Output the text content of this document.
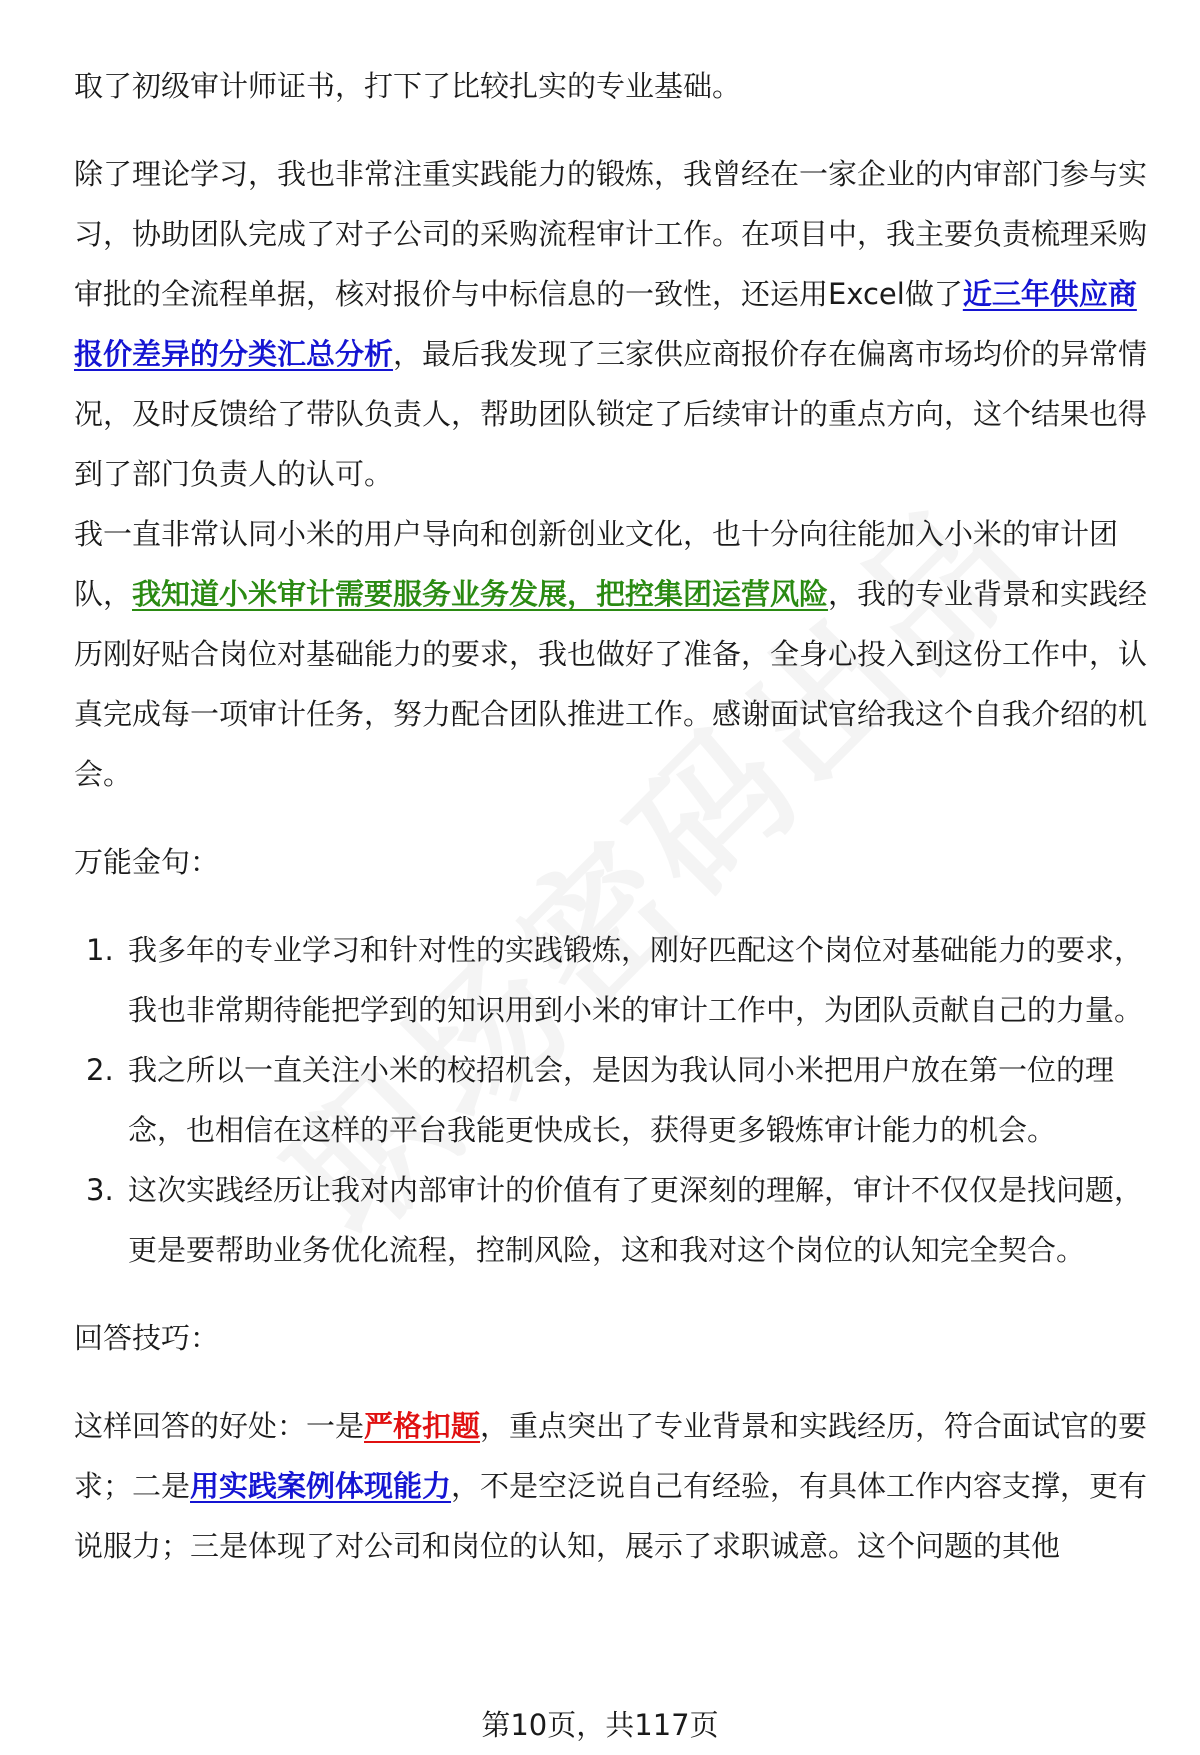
取了初级审计师证书，打下了比较扎实的专业基础。

除了理论学习，我也非常注重实践能力的锻炼，我曾经在一家企业的内审部门参与实习，协助团队完成了对子公司的采购流程审计工作。在项目中，我主要负责梳理采购审批的全流程单据，核对报价与中标信息的一致性，还运用Excel做了近三年供应商报价差异的分类汇总分析，最后我发现了三家供应商报价存在偏离市场均价的异常情况，及时反馈给了带队负责人，帮助团队锁定了后续审计的重点方向，这个结果也得到了部门负责人的认可。

我一直非常认同小米的用户导向和创新创业文化，也十分向往能加入小米的审计团队，我知道小米审计需要服务业务发展，把控集团运营风险，我的专业背景和实践经历刚好贴合岗位对基础能力的要求，我也做好了准备，全身心投入到这份工作中，认真完成每一项审计任务，努力配合团队推进工作。感谢面试官给我这个自我介绍的机会。

万能金句：

1. 我多年的专业学习和针对性的实践锻炼，刚好匹配这个岗位对基础能力的要求，我也非常期待能把学到的知识用到小米的审计工作中，为团队贡献自己的力量。
2. 我之所以一直关注小米的校招机会，是因为我认同小米把用户放在第一位的理念，也相信在这样的平台我能更快成长，获得更多锻炼审计能力的机会。
3. 这次实践经历让我对内部审计的价值有了更深刻的理解，审计不仅仅是找问题，更是要帮助业务优化流程，控制风险，这和我对这个岗位的认知完全契合。

回答技巧：

这样回答的好处：一是严格扣题，重点突出了专业背景和实践经历，符合面试官的要求；二是用实践案例体现能力，不是空泛说自己有经验，有具体工作内容支撑，更有说服力；三是体现了对公司和岗位的认知，展示了求职诚意。这个问题的其他

第10页，共117页
